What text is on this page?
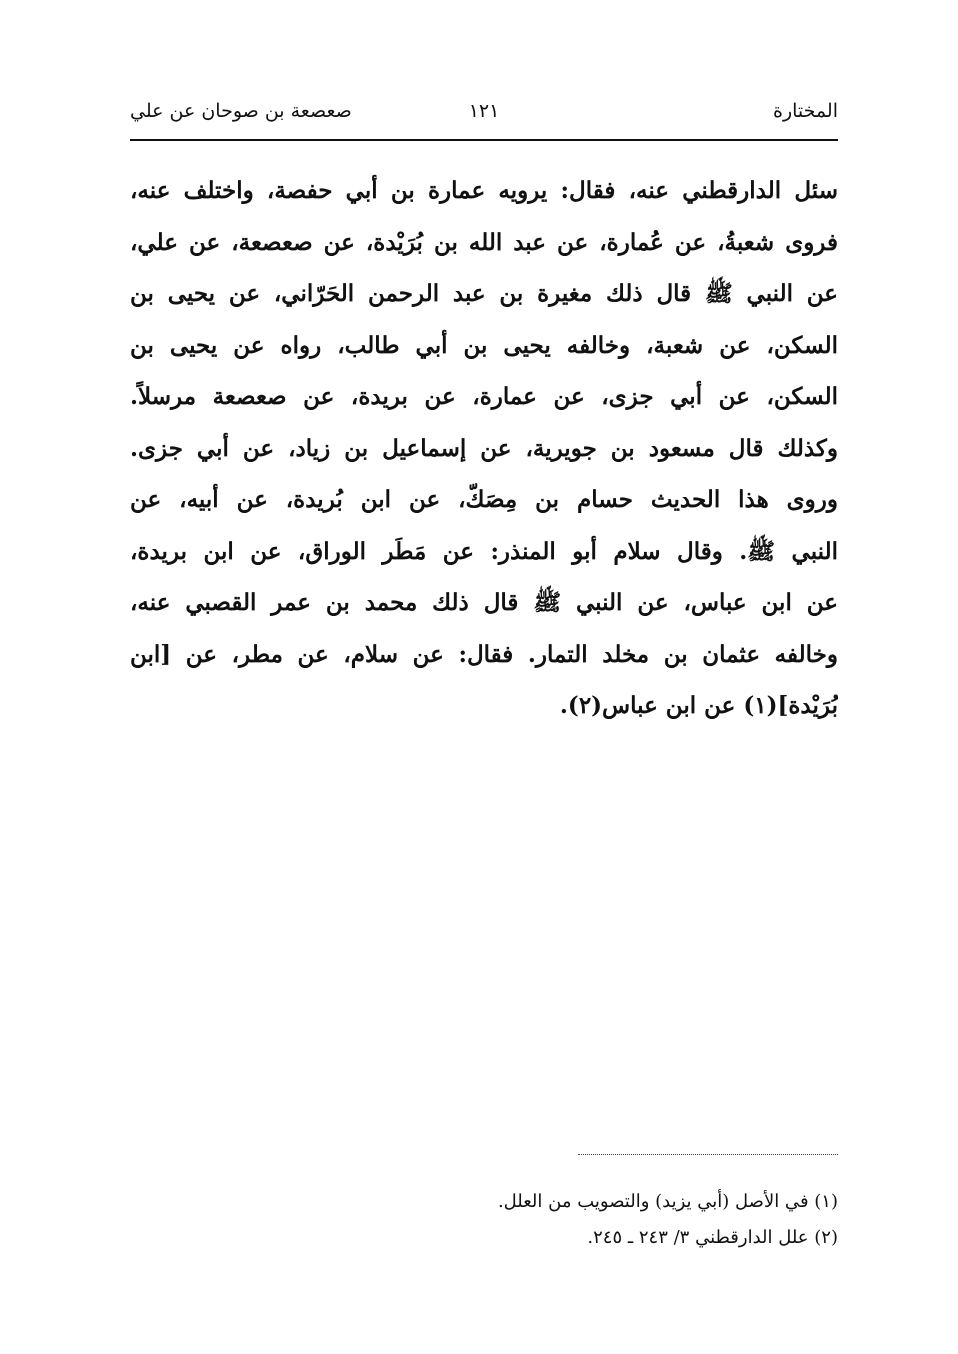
المختارة
١٢١
صعصعة بن صوحان عن علي
سئل الدارقطني عنه، فقال: يرويه عمارة بن أبي حفصة، واختلف عنه،
فروى شعبةُ، عن عُمارة، عن عبد الله بن بُرَيْدة، عن صعصعة، عن علي،
عن النبي ﷺ قال ذلك مغيرة بن عبد الرحمن الحَرّاني، عن يحيى بن
السكن، عن شعبة، وخالفه يحيى بن أبي طالب، رواه عن يحيى بن
السكن، عن أبي جزى، عن عمارة، عن بريدة، عن صعصعة مرسلاً.
وكذلك قال مسعود بن جويرية، عن إسماعيل بن زياد، عن أبي جزى.
وروى هذا الحديث حسام بن مِصَكّ، عن ابن بُريدة، عن أبيه، عن
النبي ﷺ. وقال سلام أبو المنذر: عن مَطَر الوراق، عن ابن بريدة،
عن ابن عباس، عن النبي ﷺ قال ذلك محمد بن عمر القصبي عنه،
وخالفه عثمان بن مخلد التمار. فقال: عن سلام، عن مطر، عن [ابن
بُرَيْدة](١) عن ابن عباس(٢).
(١) في الأصل (أبي يزيد) والتصويب من العلل.
(٢) علل الدارقطني ٣/ ٢٤٣ ـ ٢٤٥.
